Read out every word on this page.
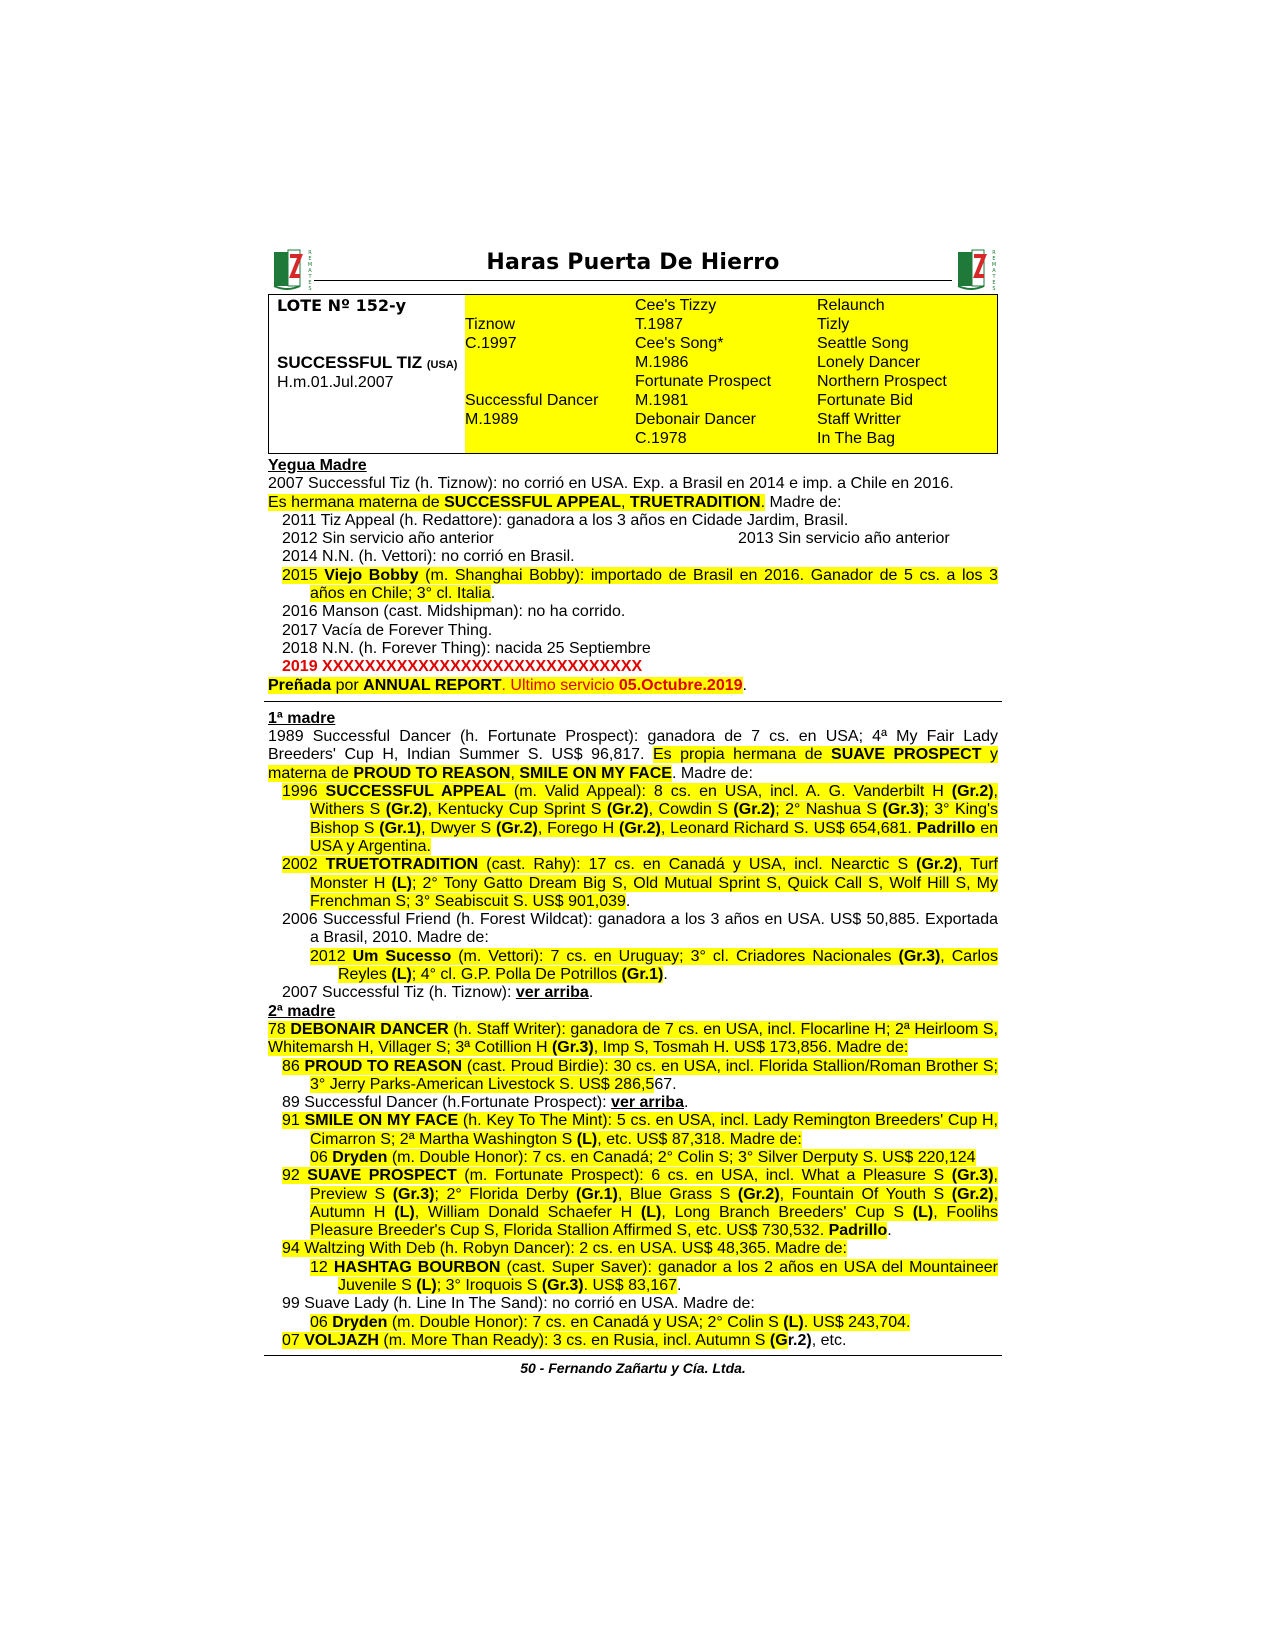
R
E
M
A
T
E
S
Haras Puerta De Hierro	R
E
M
A
T
E
S
LOTE Nº 152-y
SUCCESSFUL TIZ (USA)
H.m.01.Jul.2007
Tiznow
C.1997
Successful Dancer
M.1989
Cee's Tizzy
T.1987
Cee's Song*
M.1986
Fortunate Prospect
M.1981
Debonair Dancer
C.1978
Relaunch
Tizly
Seattle Song
Lonely Dancer
Northern Prospect
Fortunate Bid
Staff Writter
In The Bag
Yegua Madre
2007 Successful Tiz (h. Tiznow): no corrió en USA. Exp. a Brasil en 2014 e imp. a Chile en 2016.
Es hermana materna de SUCCESSFUL APPEAL, TRUETRADITION. Madre de:
2011 Tiz Appeal (h. Redattore): ganadora a los 3 años en Cidade Jardim, Brasil.
2012 Sin servicio año anterior	2013 Sin servicio año anterior
2014 N.N. (h. Vettori): no corrió en Brasil.
2015 Viejo Bobby (m. Shanghai Bobby): importado de Brasil en 2016. Ganador de 5 cs. a los 3 años en Chile; 3° cl. Italia.
2016 Manson (cast. Midshipman): no ha corrido.
2017 Vacía de Forever Thing.
2018 N.N. (h. Forever Thing): nacida 25 Septiembre
2019 XXXXXXXXXXXXXXXXXXXXXXXXXXXXXX
Preñada por ANNUAL REPORT. Ultimo servicio 05.Octubre.2019.
1ª madre
1989 Successful Dancer (h. Fortunate Prospect): ganadora de 7 cs. en USA; 4ª My Fair Lady Breeders' Cup H, Indian Summer S. US$ 96,817. Es propia hermana de SUAVE PROSPECT y materna de PROUD TO REASON, SMILE ON MY FACE. Madre de:
1996 SUCCESSFUL APPEAL (m. Valid Appeal): 8 cs. en USA, incl. A. G. Vanderbilt H (Gr.2), Withers S (Gr.2), Kentucky Cup Sprint S (Gr.2), Cowdin S (Gr.2); 2° Nashua S (Gr.3); 3° King's Bishop S (Gr.1), Dwyer S (Gr.2), Forego H (Gr.2), Leonard Richard S. US$ 654,681. Padrillo en USA y Argentina.
2002 TRUETOTRADITION (cast. Rahy): 17 cs. en Canadá y USA, incl. Nearctic S (Gr.2), Turf Monster H (L); 2° Tony Gatto Dream Big S, Old Mutual Sprint S, Quick Call S, Wolf Hill S, My Frenchman S; 3° Seabiscuit S. US$ 901,039.
2006 Successful Friend (h. Forest Wildcat): ganadora a los 3 años en USA. US$ 50,885. Exportada a Brasil, 2010. Madre de:
2012 Um Sucesso (m. Vettori): 7 cs. en Uruguay; 3° cl. Criadores Nacionales (Gr.3), Carlos Reyles (L); 4° cl. G.P. Polla De Potrillos (Gr.1).
2007 Successful Tiz (h. Tiznow): ver arriba.
2ª madre
78 DEBONAIR DANCER (h. Staff Writer): ganadora de 7 cs. en USA, incl. Flocarline H; 2ª Heirloom S, Whitemarsh H, Villager S; 3ª Cotillion H (Gr.3), Imp S, Tosmah H. US$ 173,856. Madre de:
86 PROUD TO REASON (cast. Proud Birdie): 30 cs. en USA, incl. Florida Stallion/Roman Brother S; 3° Jerry Parks-American Livestock S. US$ 286,567.
89 Successful Dancer (h.Fortunate Prospect): ver arriba.
91 SMILE ON MY FACE (h. Key To The Mint): 5 cs. en USA, incl. Lady Remington Breeders' Cup H, Cimarron S; 2ª Martha Washington S (L), etc. US$ 87,318. Madre de:
06 Dryden (m. Double Honor): 7 cs. en Canadá; 2° Colin S; 3° Silver Derputy S. US$ 220,124
92 SUAVE PROSPECT (m. Fortunate Prospect): 6 cs. en USA, incl. What a Pleasure S (Gr.3), Preview S (Gr.3); 2° Florida Derby (Gr.1), Blue Grass S (Gr.2), Fountain Of Youth S (Gr.2), Autumn H (L), William Donald Schaefer H (L), Long Branch Breeders' Cup S (L), Foolihs Pleasure Breeder's Cup S, Florida Stallion Affirmed S, etc. US$ 730,532. Padrillo.
94 Waltzing With Deb (h. Robyn Dancer): 2 cs. en USA. US$ 48,365. Madre de:
12 HASHTAG BOURBON (cast. Super Saver): ganador a los 2 años en USA del Mountaineer Juvenile S (L); 3° Iroquois S (Gr.3). US$ 83,167.
99 Suave Lady (h. Line In The Sand): no corrió en USA. Madre de:
06 Dryden (m. Double Honor): 7 cs. en Canadá y USA; 2° Colin S (L). US$ 243,704.
07 VOLJAZH (m. More Than Ready): 3 cs. en Rusia, incl. Autumn S (Gr.2), etc.
50 - Fernando Zañartu y Cía. Ltda.
